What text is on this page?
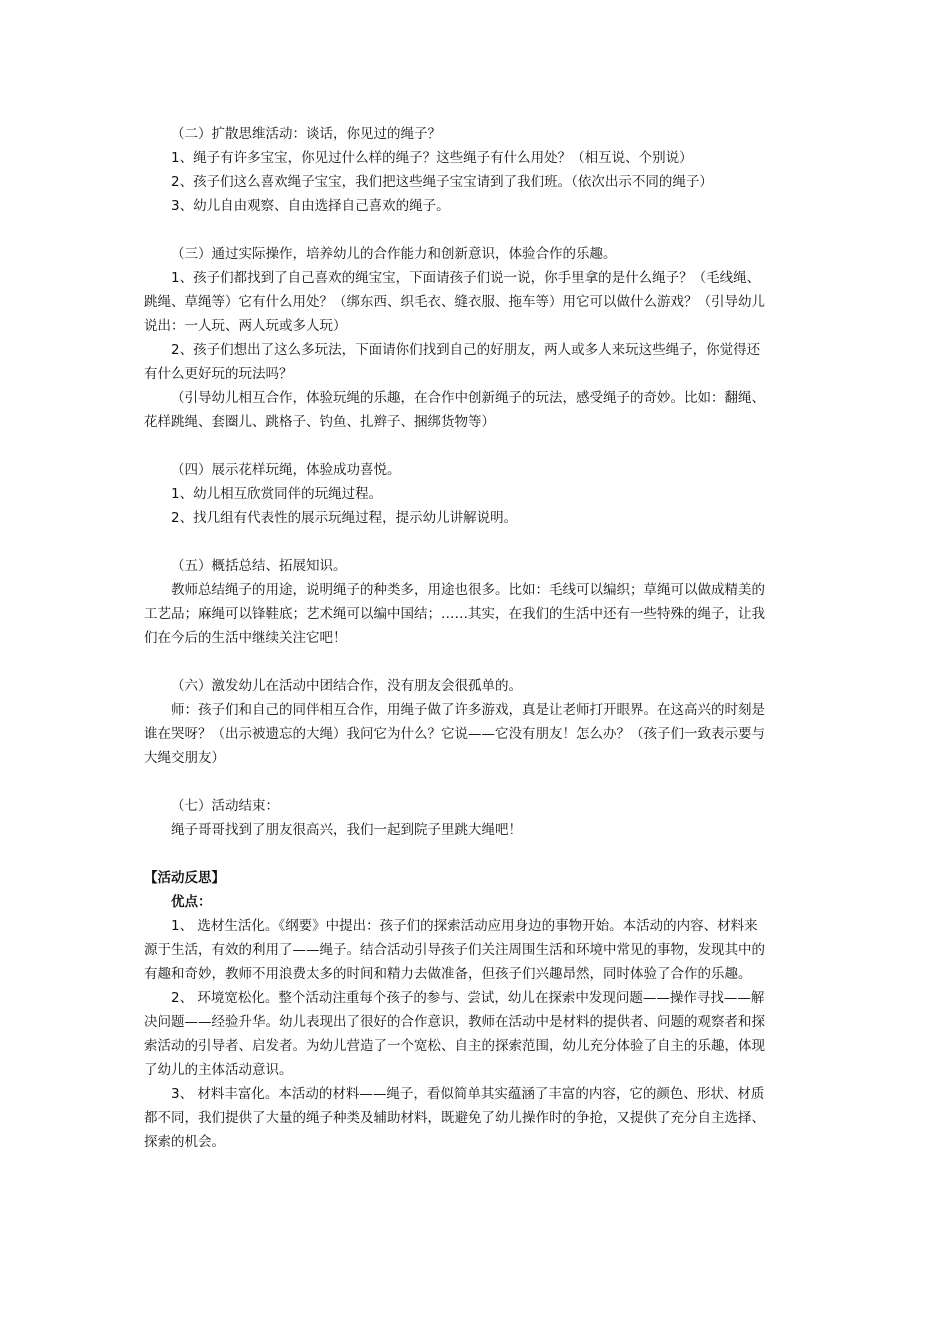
（二）扩散思维活动：谈话，你见过的绳子？
1、绳子有许多宝宝，你见过什么样的绳子？这些绳子有什么用处？（相互说、个别说）
2、孩子们这么喜欢绳子宝宝，我们把这些绳子宝宝请到了我们班。（依次出示不同的绳子）
3、幼儿自由观察、自由选择自己喜欢的绳子。
（三）通过实际操作，培养幼儿的合作能力和创新意识，体验合作的乐趣。
1、孩子们都找到了自己喜欢的绳宝宝，下面请孩子们说一说，你手里拿的是什么绳子？（毛线绳、
跳绳、草绳等）它有什么用处？（绑东西、织毛衣、缝衣服、拖车等）用它可以做什么游戏？（引导幼儿
说出：一人玩、两人玩或多人玩）
2、孩子们想出了这么多玩法，下面请你们找到自己的好朋友，两人或多人来玩这些绳子，你觉得还
有什么更好玩的玩法吗？
（引导幼儿相互合作，体验玩绳的乐趣，在合作中创新绳子的玩法，感受绳子的奇妙。比如：翻绳、
花样跳绳、套圈儿、跳格子、钓鱼、扎辫子、捆绑货物等）
（四）展示花样玩绳，体验成功喜悦。
1、幼儿相互欣赏同伴的玩绳过程。
2、找几组有代表性的展示玩绳过程，提示幼儿讲解说明。
（五）概括总结、拓展知识。
教师总结绳子的用途，说明绳子的种类多，用途也很多。比如：毛线可以编织；草绳可以做成精美的
工艺品；麻绳可以锋鞋底；艺术绳可以编中国结；……其实，在我们的生活中还有一些特殊的绳子，让我
们在今后的生活中继续关注它吧！
（六）激发幼儿在活动中团结合作，没有朋友会很孤单的。
师：孩子们和自己的同伴相互合作，用绳子做了许多游戏，真是让老师打开眼界。在这高兴的时刻是
谁在哭呀？（出示被遗忘的大绳）我问它为什么？它说——它没有朋友！怎么办？（孩子们一致表示要与
大绳交朋友）
（七）活动结束：
绳子哥哥找到了朋友很高兴，我们一起到院子里跳大绳吧！
【活动反思】
优点：
1、 选材生活化。《纲要》中提出：孩子们的探索活动应用身边的事物开始。本活动的内容、材料来
源于生活，有效的利用了——绳子。结合活动引导孩子们关注周围生活和环境中常见的事物，发现其中的
有趣和奇妙，教师不用浪费太多的时间和精力去做准备，但孩子们兴趣昂然，同时体验了合作的乐趣。
2、 环境宽松化。整个活动注重每个孩子的参与、尝试，幼儿在探索中发现问题——操作寻找——解
决问题——经验升华。幼儿表现出了很好的合作意识，教师在活动中是材料的提供者、问题的观察者和探
索活动的引导者、启发者。为幼儿营造了一个宽松、自主的探索范围，幼儿充分体验了自主的乐趣，体现
了幼儿的主体活动意识。
3、 材料丰富化。本活动的材料——绳子，看似简单其实蕴涵了丰富的内容，它的颜色、形状、材质
都不同，我们提供了大量的绳子种类及辅助材料，既避免了幼儿操作时的争抢，又提供了充分自主选择、
探索的机会。
